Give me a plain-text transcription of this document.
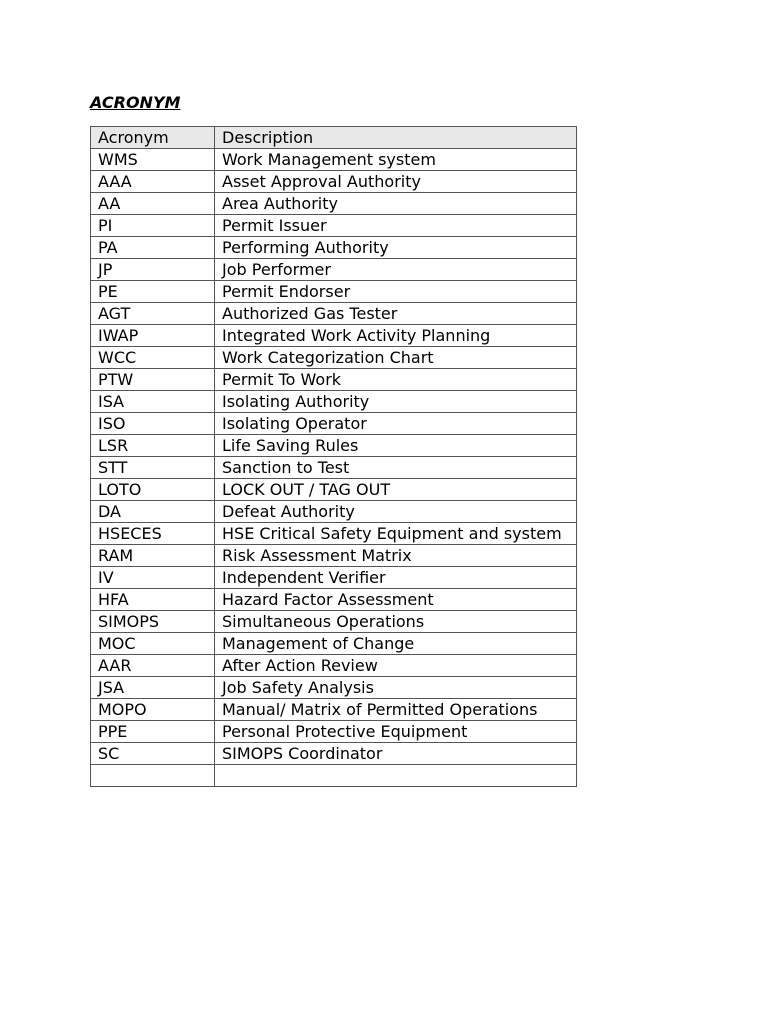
ACRONYM
Acronym	Description
WMS	Work Management system
AAA	Asset Approval Authority
AA	Area Authority
PI	Permit Issuer
PA	Performing Authority
JP	Job Performer
PE	Permit Endorser
AGT	Authorized Gas Tester
IWAP	Integrated Work Activity Planning
WCC	Work Categorization Chart
PTW	Permit To Work
ISA	Isolating Authority
ISO	Isolating Operator
LSR	Life Saving Rules
STT	Sanction to Test
LOTO	LOCK OUT / TAG OUT
DA	Defeat Authority
HSECES	HSE Critical Safety Equipment and system
RAM	Risk Assessment Matrix
IV	Independent Verifier
HFA	Hazard Factor Assessment
SIMOPS	Simultaneous Operations
MOC	Management of Change
AAR	After Action Review
JSA	Job Safety Analysis
MOPO	Manual/ Matrix of Permitted Operations
PPE	Personal Protective Equipment
SC	SIMOPS Coordinator
